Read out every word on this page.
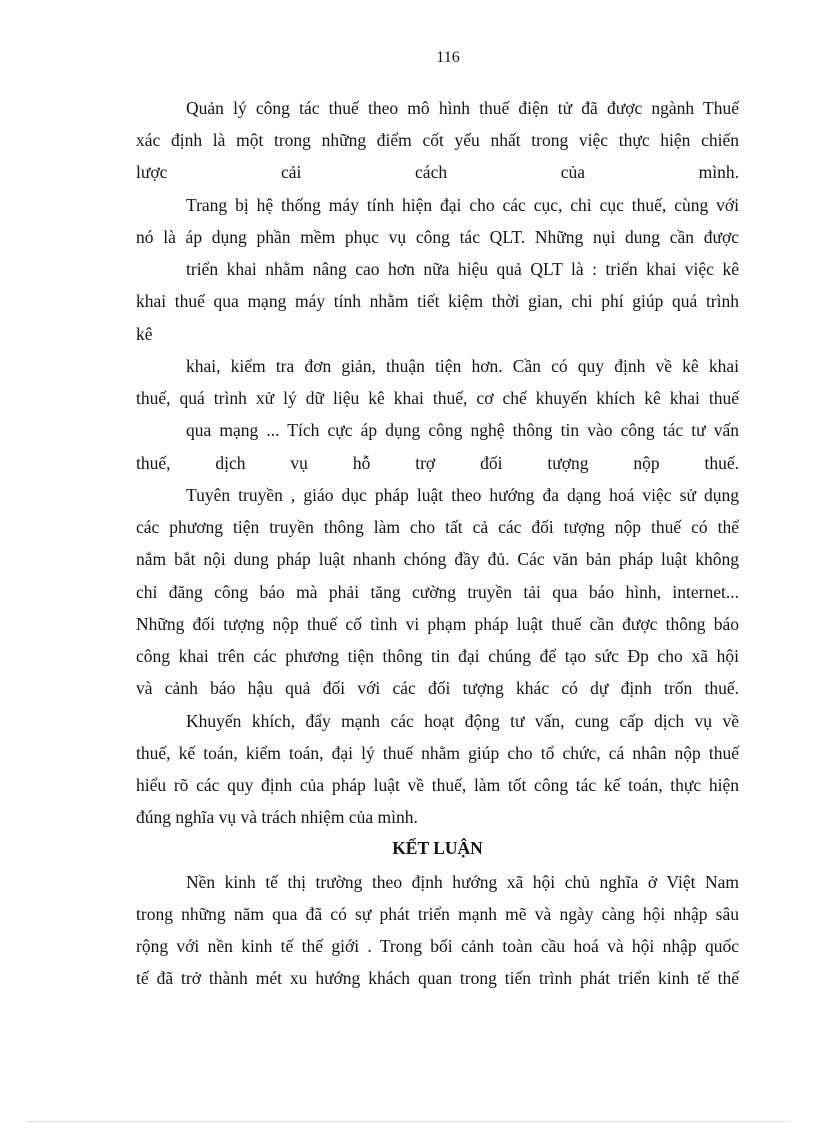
116
Quản lý công tác thuế theo mô hình thuế điện tử đã được ngành Thuế
xác định là một trong những điểm cốt yếu nhất trong việc thực hiện chiến
lược cải cách của mình.
Trang bị hệ thống máy tính hiện đại cho các cục, chi cục thuế, cùng với
nó là áp dụng phần mềm phục vụ công tác QLT. Những nụi dung cần được
triển khai nhằm nâng cao hơn nữa hiệu quả QLT là : triển khai việc kê
khai thuế qua mạng máy tính nhằm tiết kiệm thời gian, chi phí giúp quá trình
kê
khai, kiểm tra đơn giản, thuận tiện hơn. Cần có quy định về kê khai
thuế, quá trình xử lý dữ liệu kê khai thuế, cơ chế khuyến khích kê khai thuế
qua mạng ... Tích cực áp dụng công nghệ thông tin vào công tác tư vấn
thuế, dịch vụ hỗ trợ đối tượng nộp thuế.
Tuyên truyền , giáo dục pháp luật theo hướng đa dạng hoá việc sử dụng
các phương tiện truyền thông làm cho tất cả các đối tượng nộp thuế có thể
nắm bắt nội dung pháp luật nhanh chóng đầy đủ. Các văn bản pháp luật không
chỉ đăng công báo mà phải tăng cường truyền tải qua báo hình, internet...
Những đối tượng nộp thuế cố tình vi phạm pháp luật thuế cần được thông báo
công khai trên các phương tiện thông tin đại chúng để tạo sức Đp cho xã hội
và cảnh báo hậu quả đối với các đối tượng khác có dự định trốn thuế.
Khuyến khích, đẩy mạnh các hoạt động tư vấn, cung cấp dịch vụ về
thuế, kế toán, kiểm toán, đại lý thuế nhằm giúp cho tổ chức, cá nhân nộp thuế
hiểu rõ các quy định của pháp luật về thuế, làm tốt công tác kế toán, thực hiện
đúng nghĩa vụ và trách nhiệm của mình.
KẾT LUẬN
Nền kinh tế thị trường theo định hướng xã hội chủ nghĩa ở Việt Nam
trong những năm qua đã có sự phát triển mạnh mẽ và ngày càng hội nhập sâu
rộng với nền kinh tế thế giới . Trong bối cảnh toàn cầu hoá và hội nhập quốc
tế đã trở thành mét xu hướng khách quan trong tiến trình phát triển kinh tế thế
